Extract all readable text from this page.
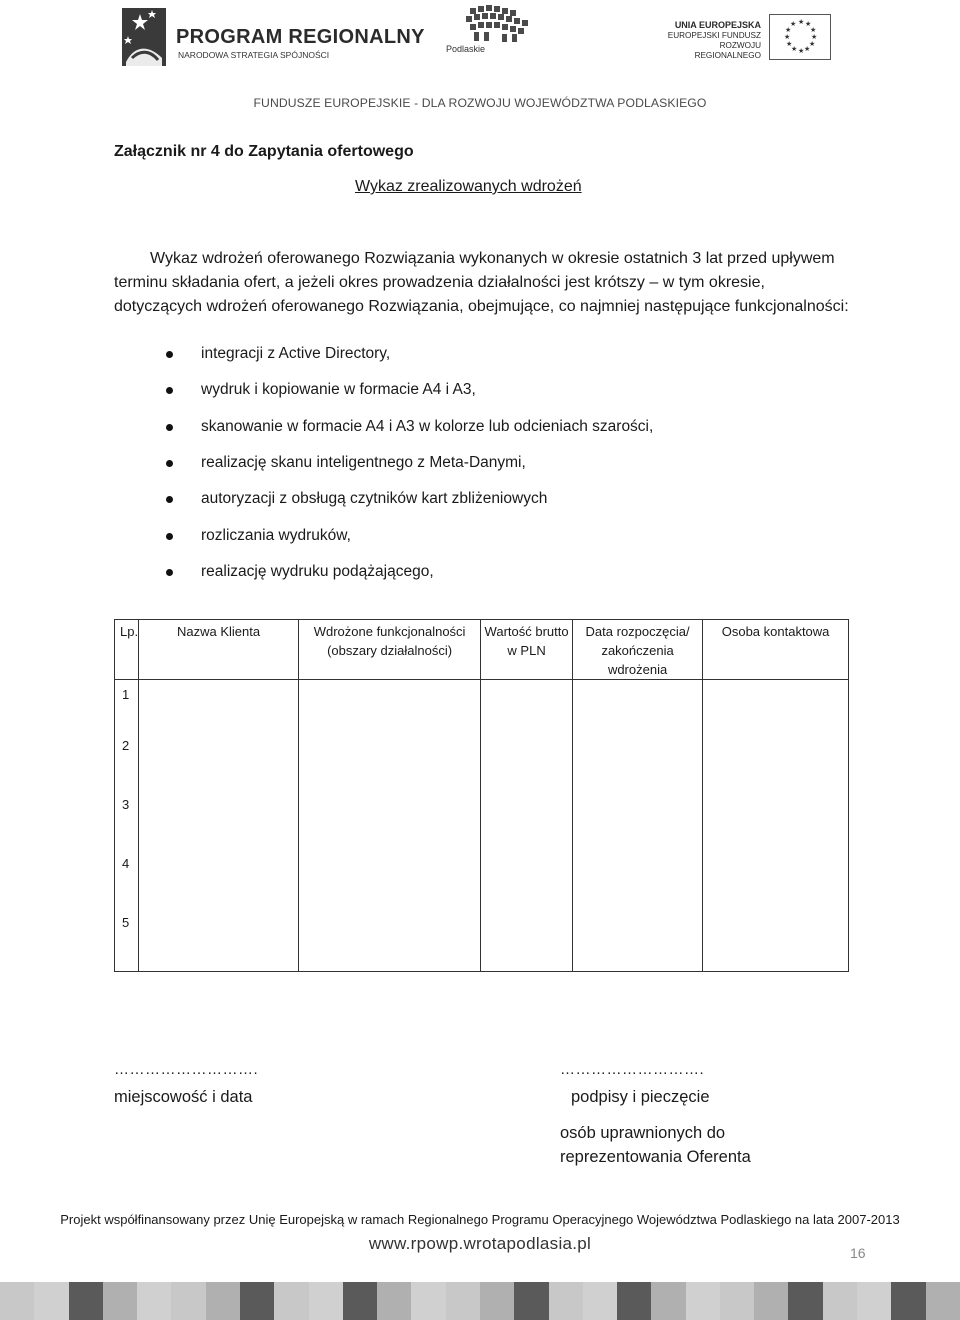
PROGRAM REGIONALNY
NARODOWA STRATEGIA SPÓJNOŚCI
Podlaskie
UNIA EUROPEJSKA
EUROPEJSKI FUNDUSZ
ROZWOJU REGIONALNEGO
★ ★
★
★
★
★
★
★
★
★
★
★
FUNDUSZE EUROPEJSKIE - DLA ROZWOJU WOJEWÓDZTWA PODLASKIEGO
Załącznik nr 4 do Zapytania ofertowego
Wykaz zrealizowanych wdrożeń

Wykaz wdrożeń oferowanego Rozwiązania wykonanych w okresie ostatnich 3 lat przed upływem terminu składania ofert, a jeżeli okres prowadzenia działalności jest krótszy – w tym okresie, dotyczących wdrożeń oferowanego Rozwiązania, obejmujące, co najmniej następujące funkcjonalności:

integracji z Active Directory,
wydruk i kopiowanie w formacie A4 i A3,
skanowanie w formacie A4 i A3 w kolorze lub odcieniach szarości,
realizację skanu inteligentnego z Meta-Danymi,
autoryzacji z obsługą czytników kart zbliżeniowych
rozliczania wydruków,
realizację wydruku podążającego,
Lp.	Nazwa Klienta	Wdrożone funkcjonalności (obszary działalności)	Wartość brutto w PLN	Data rozpoczęcia/ zakończenia wdrożenia	Osoba kontaktowa
1					
2					
3					
4					
5					
……………………….	……………………….
miejscowość i data	podpisy i pieczęcie
osób uprawnionych do reprezentowania Oferenta
Projekt współfinansowany przez Unię Europejską w ramach Regionalnego Programu Operacyjnego Województwa Podlaskiego na lata 2007-2013
www.rpowp.wrotapodlasia.pl	16
